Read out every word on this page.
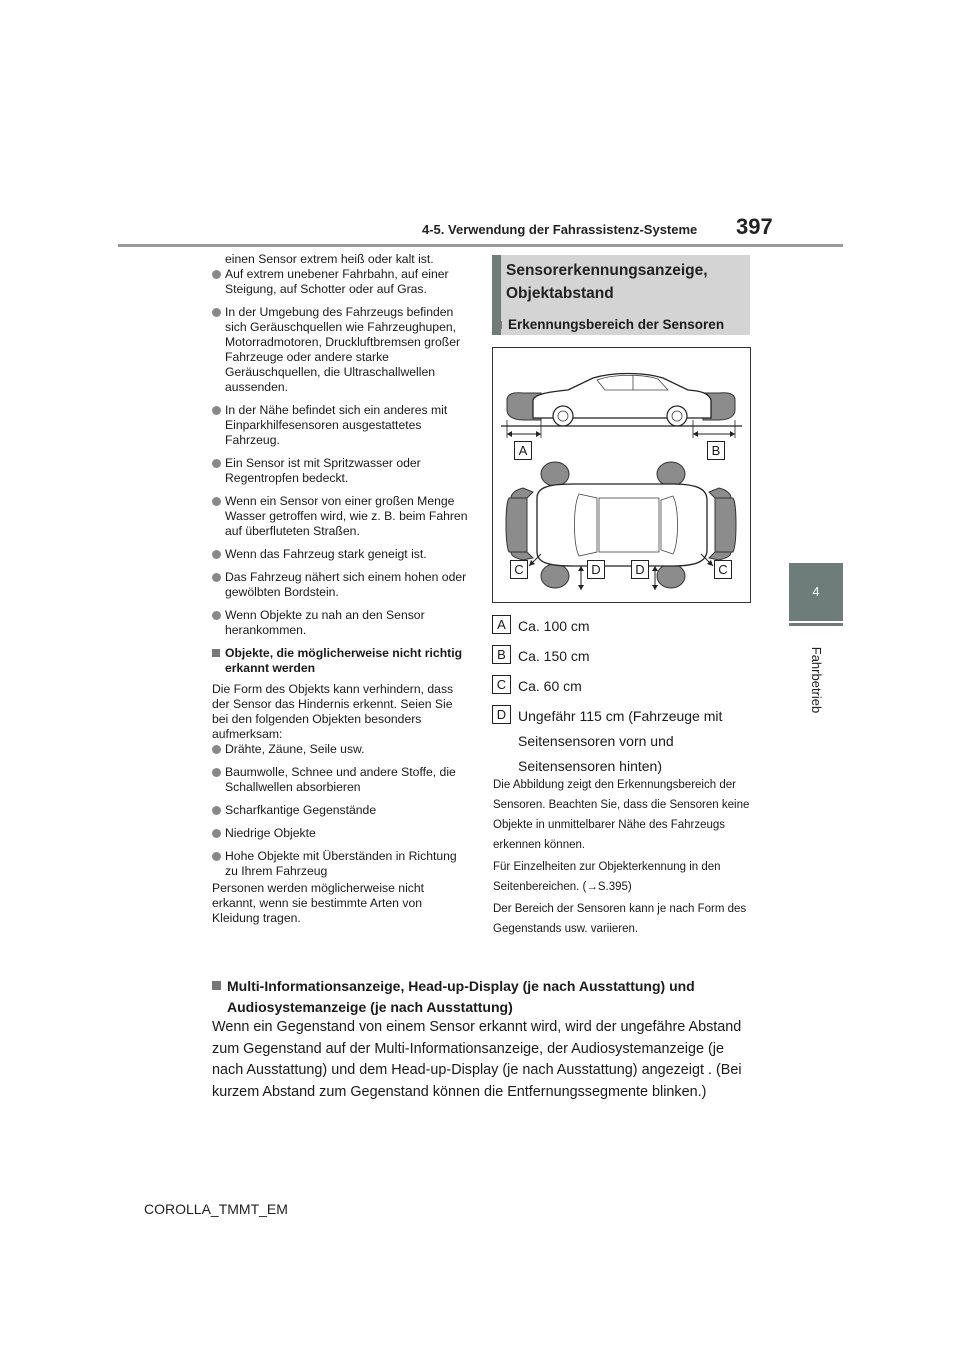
4-5. Verwendung der Fahrassistenz-Systeme 397
4
Fahrbetrieb

einen Sensor extrem heiß oder kalt ist.

Auf extrem unebener Fahrbahn, auf einer Steigung, auf Schotter oder auf Gras.
In der Umgebung des Fahrzeugs befinden sich Geräuschquellen wie Fahrzeughupen, Motorradmotoren, Druckluftbremsen großer Fahrzeuge oder andere starke Geräuschquellen, die Ultraschallwellen aussenden.
In der Nähe befindet sich ein anderes mit Einparkhilfesensoren ausgestattetes Fahrzeug.
Ein Sensor ist mit Spritzwasser oder Regentropfen bedeckt.
Wenn ein Sensor von einer großen Menge Wasser getroffen wird, wie z. B. beim Fahren auf überfluteten Straßen.
Wenn das Fahrzeug stark geneigt ist.
Das Fahrzeug nähert sich einem hohen oder gewölbten Bordstein.
Wenn Objekte zu nah an den Sensor herankommen.
Objekte, die möglicherweise nicht richtig erkannt werden

Die Form des Objekts kann verhindern, dass der Sensor das Hindernis erkennt. Seien Sie bei den folgenden Objekten besonders aufmerksam:

Drähte, Zäune, Seile usw.
Baumwolle, Schnee und andere Stoffe, die Schallwellen absorbieren
Scharfkantige Gegenstände
Niedrige Objekte
Hohe Objekte mit Überständen in Richtung zu Ihrem Fahrzeug

Personen werden möglicherweise nicht erkannt, wenn sie bestimmte Arten von Kleidung tragen.

Sensorerkennungsanzeige, Objektabstand
Erkennungsbereich der Sensoren
A	B
C	D	D	C
A Ca. 100 cm
B Ca. 150 cm
C Ca. 60 cm
D Ungefähr 115 cm (Fahrzeuge mit Seitensensoren vorn und Seitensensoren hinten)

Die Abbildung zeigt den Erkennungsbereich der Sensoren. Beachten Sie, dass die Sensoren keine Objekte in unmittelbarer Nähe des Fahrzeugs erkennen können.

Für Einzelheiten zur Objekterkennung in den Seitenbereichen. (→S.395)

Der Bereich der Sensoren kann je nach Form des Gegenstands usw. variieren.

Multi-Informationsanzeige, Head-up-Display (je nach Ausstattung) und Audiosystemanzeige (je nach Ausstattung)
Wenn ein Gegenstand von einem Sensor erkannt wird, wird der ungefähre Abstand zum Gegenstand auf der Multi-Informationsanzeige, der Audiosystemanzeige (je nach Ausstattung) und dem Head-up-Display (je nach Ausstattung) angezeigt . (Bei kurzem Abstand zum Gegenstand können die Entfernungssegmente blinken.)
COROLLA_TMMT_EM
